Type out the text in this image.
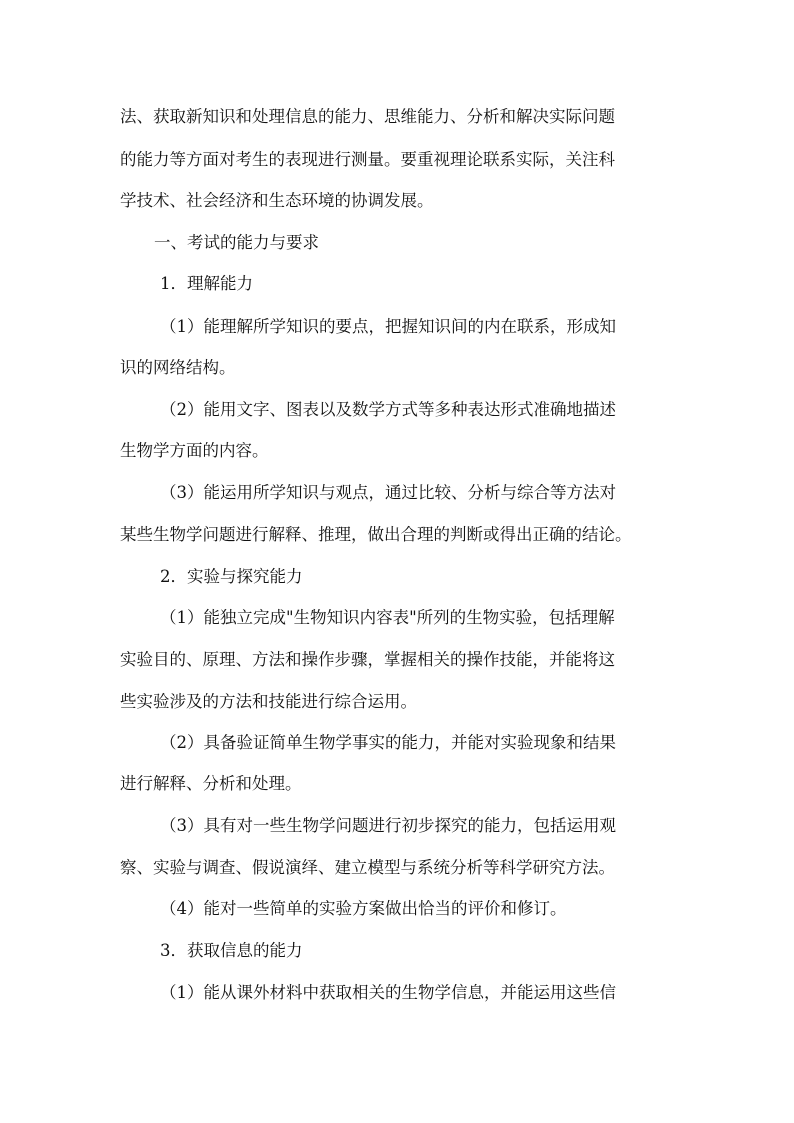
法、获取新知识和处理信息的能力、思维能力、分析和解决实际问题
的能力等方面对考生的表现进行测量。要重视理论联系实际，关注科
学技术、社会经济和生态环境的协调发展。
一、考试的能力与要求
1．理解能力
（1）能理解所学知识的要点，把握知识间的内在联系，形成知
识的网络结构。
（2）能用文字、图表以及数学方式等多种表达形式准确地描述
生物学方面的内容。
（3）能运用所学知识与观点，通过比较、分析与综合等方法对
某些生物学问题进行解释、推理，做出合理的判断或得出正确的结论。
2．实验与探究能力
（1）能独立完成"生物知识内容表"所列的生物实验，包括理解
实验目的、原理、方法和操作步骤，掌握相关的操作技能，并能将这
些实验涉及的方法和技能进行综合运用。
（2）具备验证简单生物学事实的能力，并能对实验现象和结果
进行解释、分析和处理。
（3）具有对一些生物学问题进行初步探究的能力，包括运用观
察、实验与调查、假说演绎、建立模型与系统分析等科学研究方法。
（4）能对一些简单的实验方案做出恰当的评价和修订。
3．获取信息的能力
（1）能从课外材料中获取相关的生物学信息，并能运用这些信
